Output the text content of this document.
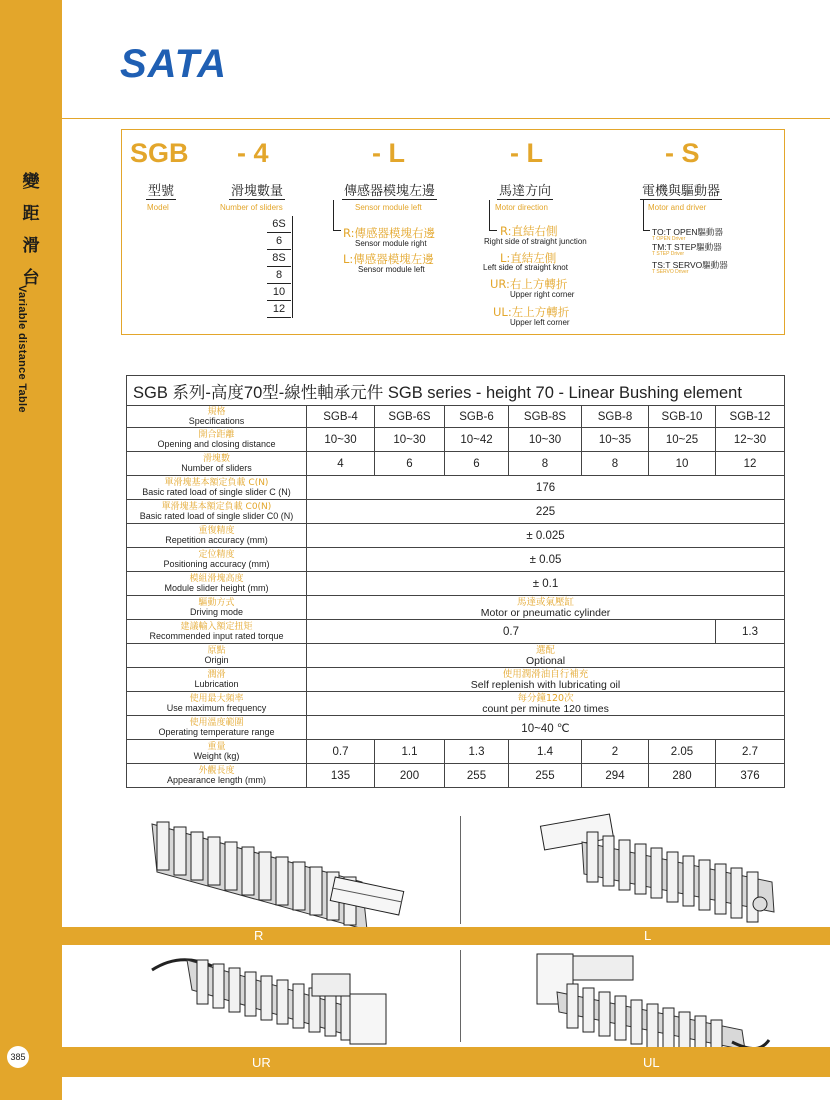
變
距
滑
台
Variable distance Table
385
SATA
SGB - 4	- L	- L	- S
型號
Model
滑塊數量
Number of sliders
傳感器模塊左邊
Sensor module left
馬達方向
Motor direction
電機與驅動器
Motor and driver
6S
6
8S
8
10
12
R:傳感器模塊右邊
Sensor module right
L:傳感器模塊左邊
Sensor module left
R:直結右側
Right side of straight junction
L:直結左側
Left side of straight knot
UR:右上方轉折
Upper right corner
UL:左上方轉折
Upper left corner
TO:T OPEN驅動器
T OPEN Driver
TM:T STEP驅動器
T STEP Driver
TS:T SERVO驅動器
T SERVO Driver
SGB 系列-高度70型-線性軸承元件 SGB series - height 70 - Linear Bushing element							

規格
Specifications	SGB-4	SGB-6S	SGB-6	SGB-8S	SGB-8	SGB-10	SGB-12

開合距離
Opening and closing distance	10~30	10~30	10~42	10~30	10~35	10~25	12~30

滑塊數
Number of sliders	4	6	6	8	8	10	12

單滑塊基本額定負載 C(N)
Basic rated load of single slider C (N)	176						

單滑塊基本額定負載 C0(N)
Basic rated load of single slider C0 (N)	225						

重復精度
Repetition accuracy (mm)	± 0.025						

定位精度
Positioning accuracy (mm)	± 0.05						

模組滑塊高度
Module slider height (mm)	± 0.1						

驅動方式
Driving mode	馬達或氣壓缸
Motor or pneumatic cylinder						

建議輸入額定扭矩
Recommended input rated torque	0.7						1.3

原點
Origin	選配
Optional						

潤滑
Lubrication	使用潤滑油自行補充
Self replenish with lubricating oil						

使用最大頻率
Use maximum frequency	每分鐘120次
count per minute 120 times						

使用溫度範圍
Operating temperature range	10~40 ℃						

重量
Weight (kg)	0.7	1.1	1.3	1.4	2	2.05	2.7

外觀長度
Appearance length (mm)	135	200	255	255	294	280	376
R	L
UR	UL
